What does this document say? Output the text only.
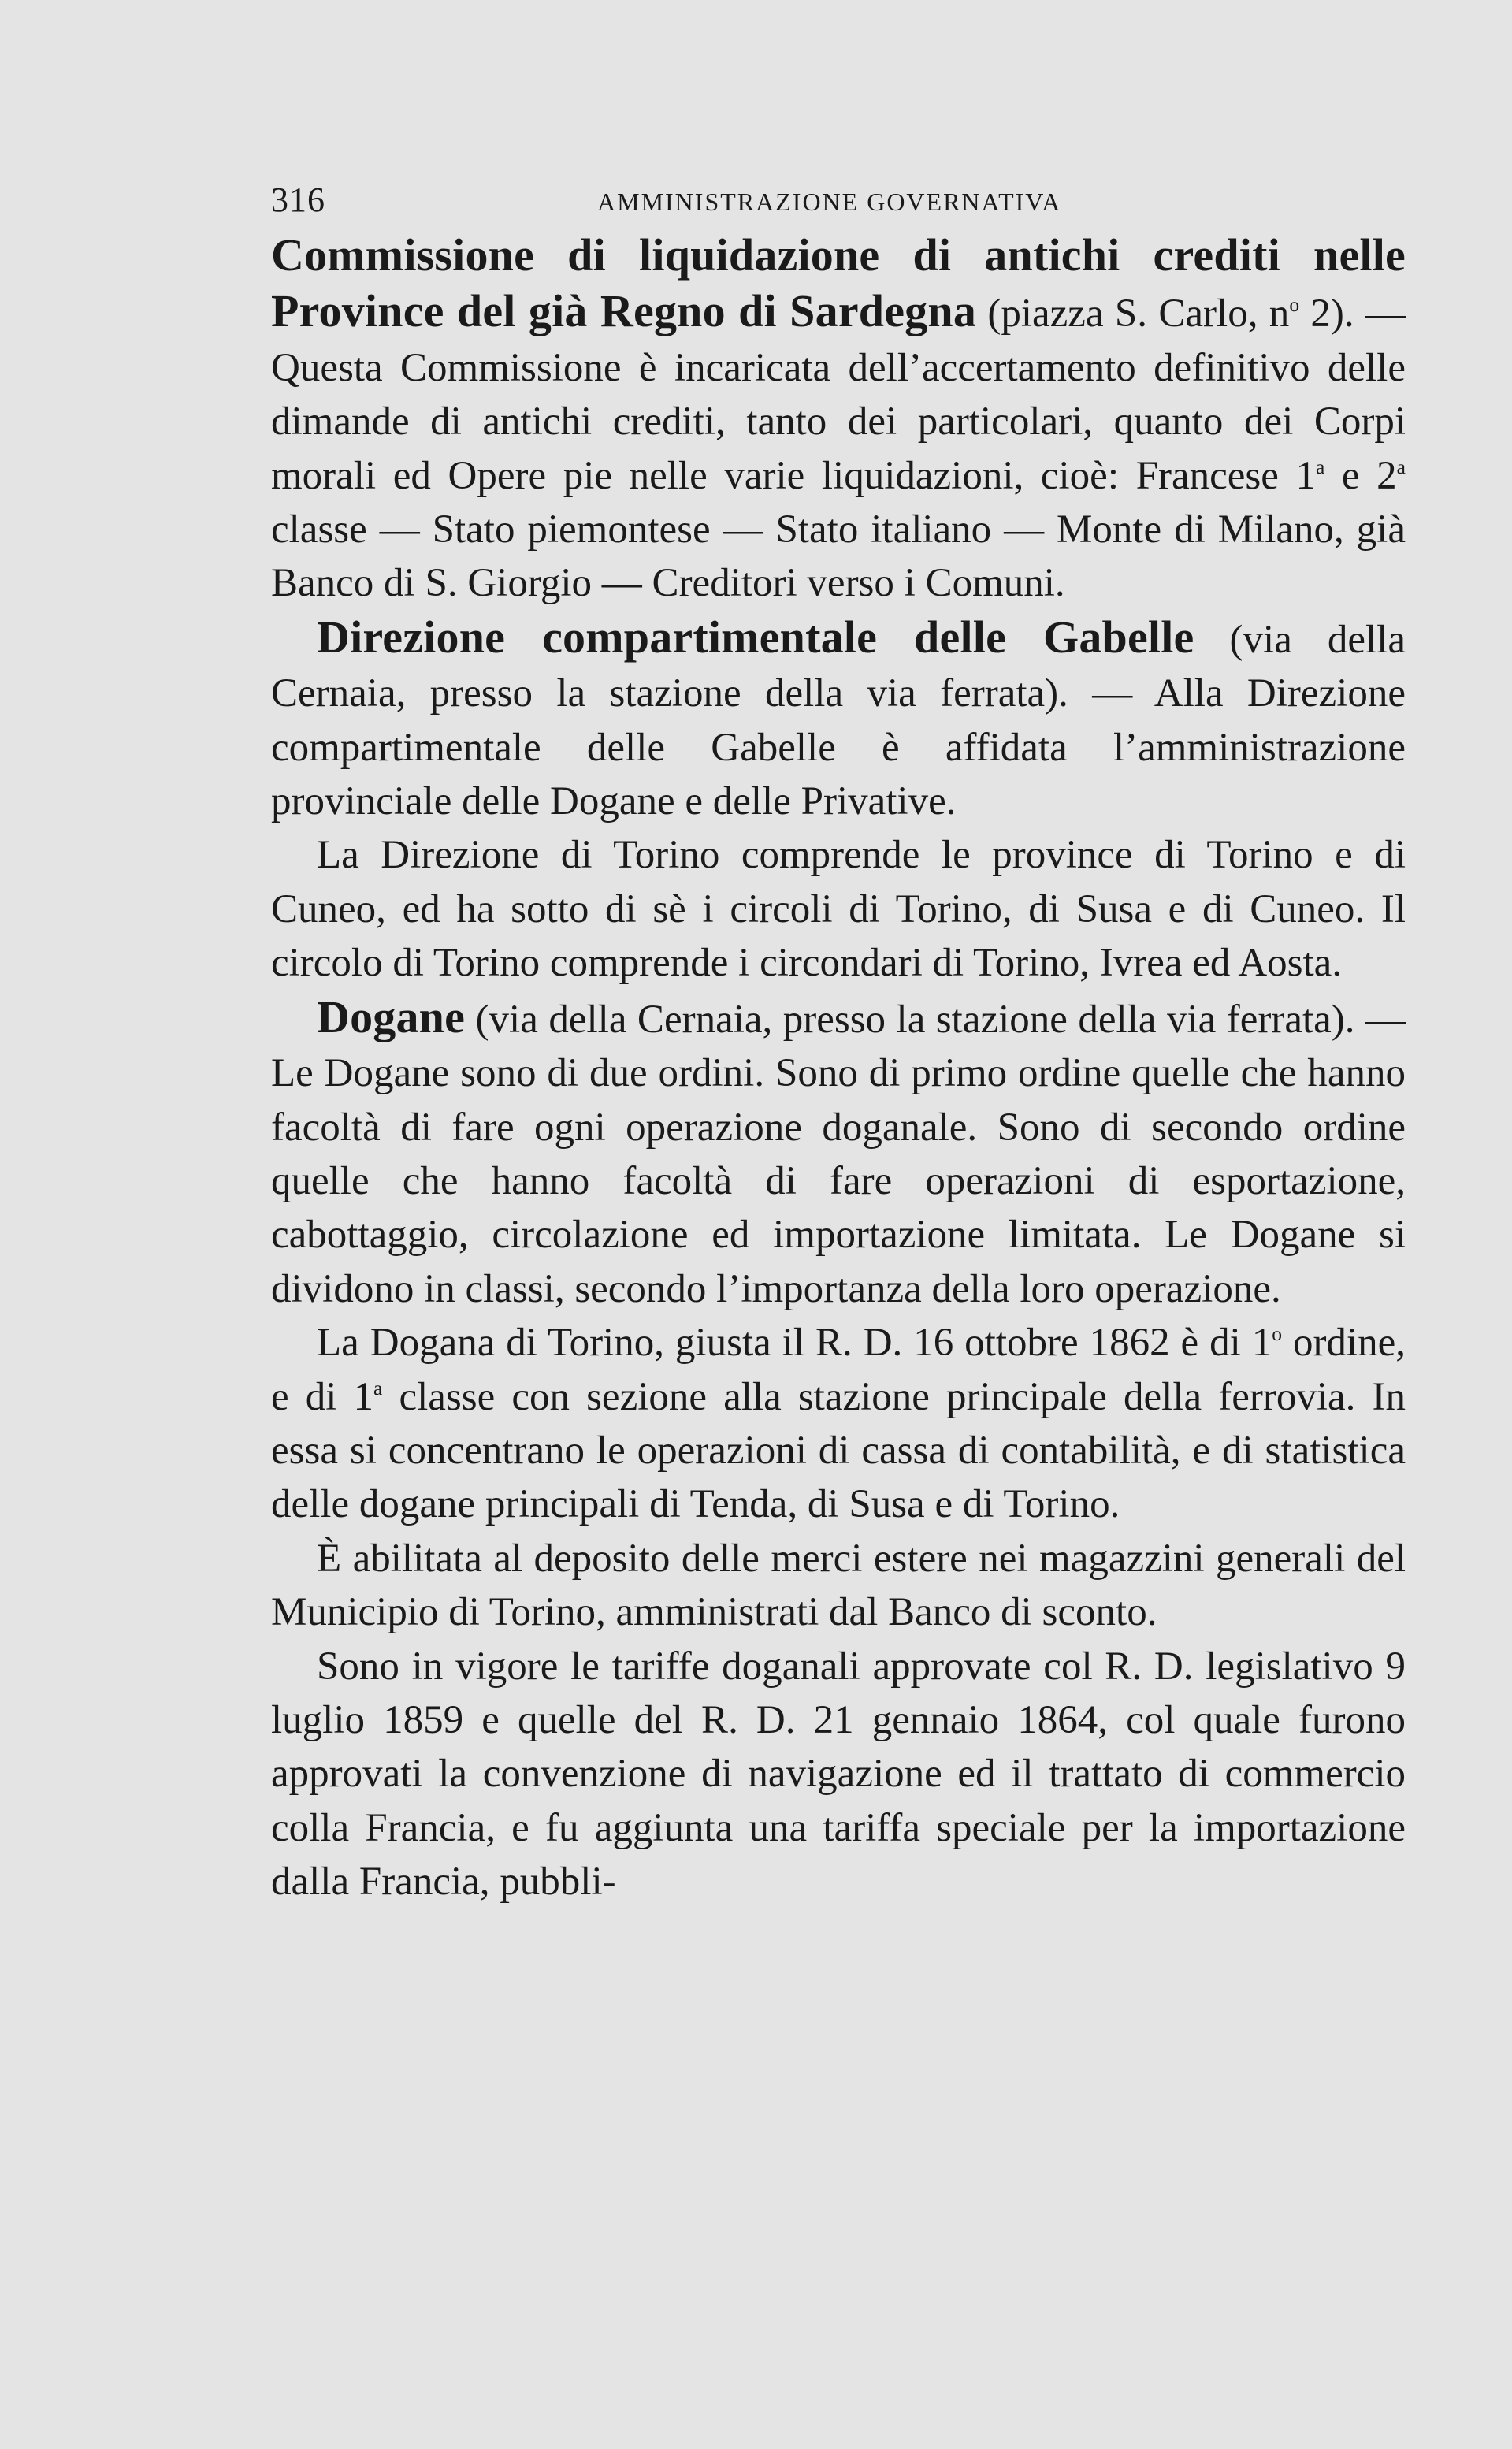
316	AMMINISTRAZIONE GOVERNATIVA

Commissione di liquidazione di antichi crediti nelle Province del già Regno di Sardegna (piazza S. Carlo, $n^o$ 2). — Questa Commissione è incaricata dell’accertamento definitivo delle dimande di antichi crediti, tanto dei particolari, quanto dei Corpi morali ed Opere pie nelle varie liquidazioni, cioè: Francese 1$^a$ e 2$^a$ classe — Stato piemontese — Stato italiano — Monte di Milano, già Banco di S. Giorgio — Creditori verso i Comuni.

Direzione compartimentale delle Gabelle (via della Cernaia, presso la stazione della via ferrata). — Alla Direzione compartimentale delle Gabelle è affidata l’amministrazione provinciale delle Dogane e delle Privative.

La Direzione di Torino comprende le province di Torino e di Cuneo, ed ha sotto di sè i circoli di Torino, di Susa e di Cuneo. Il circolo di Torino comprende i circondari di Torino, Ivrea ed Aosta.

Dogane (via della Cernaia, presso la stazione della via ferrata). — Le Dogane sono di due ordini. Sono di primo ordine quelle che hanno facoltà di fare ogni operazione doganale. Sono di secondo ordine quelle che hanno facoltà di fare operazioni di esportazione, cabottaggio, circolazione ed importazione limitata. Le Dogane si dividono in classi, secondo l’importanza della loro operazione.

La Dogana di Torino, giusta il R. D. 16 ottobre 1862 è di 1$^o$ ordine, e di 1$^a$ classe con sezione alla stazione principale della ferrovia. In essa si concentrano le operazioni di cassa di contabilità, e di statistica delle dogane principali di Tenda, di Susa e di Torino.

È abilitata al deposito delle merci estere nei magazzini generali del Municipio di Torino, amministrati dal Banco di sconto.

Sono in vigore le tariffe doganali approvate col R. D. legislativo 9 luglio 1859 e quelle del R. D. 21 gennaio 1864, col quale furono approvati la convenzione di navigazione ed il trattato di commercio colla Francia, e fu aggiunta una tariffa speciale per la importazione dalla Francia, pubbli-
